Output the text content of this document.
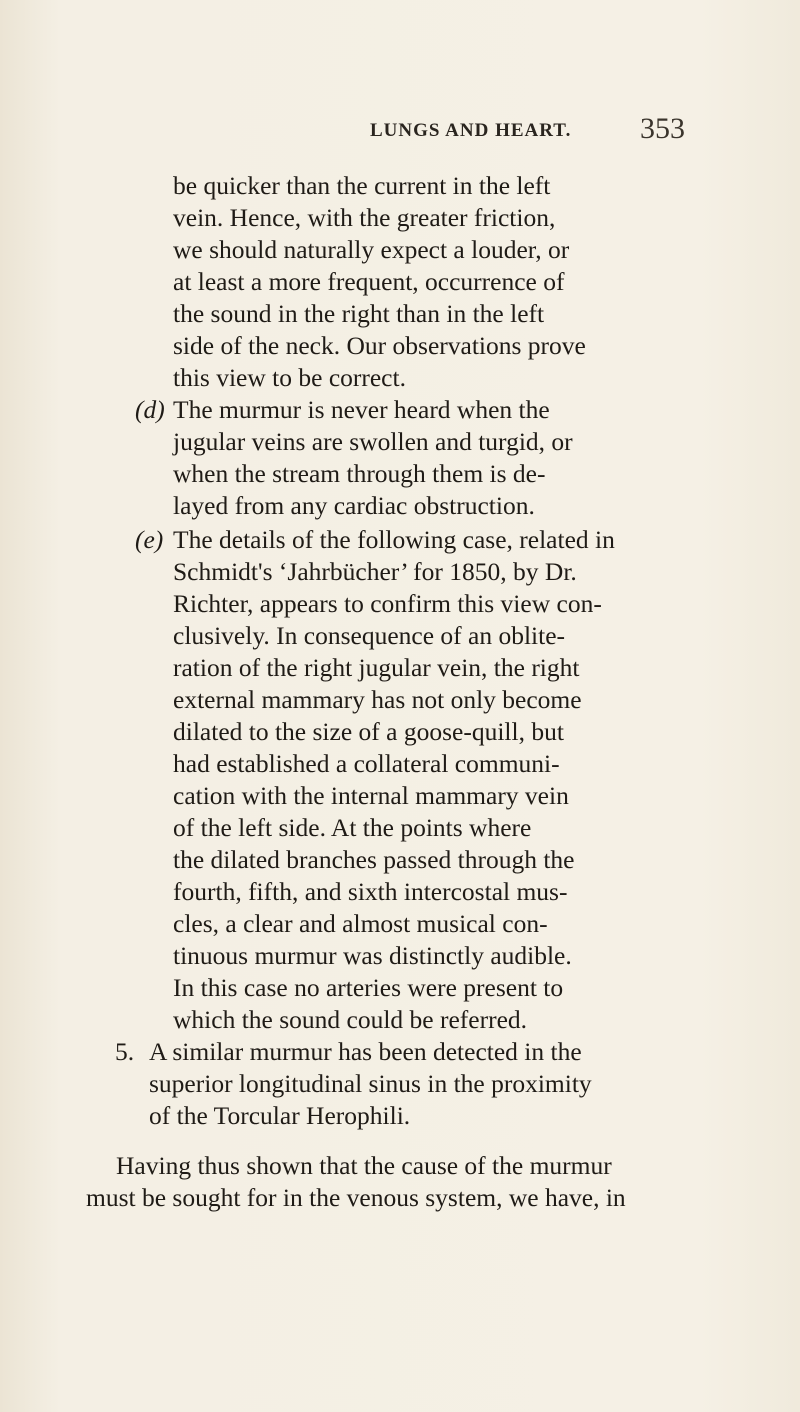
LUNGS AND HEART. 353
be quicker than the current in the left
vein. Hence, with the greater friction,
we should naturally expect a louder, or
at least a more frequent, occurrence of
the sound in the right than in the left
side of the neck. Our observations prove
this view to be correct.
(d) The murmur is never heard when the
jugular veins are swollen and turgid, or
when the stream through them is de-
layed from any cardiac obstruction.
(e) The details of the following case, related in
Schmidt's ‘Jahrbücher’ for 1850, by Dr.
Richter, appears to confirm this view con-
clusively. In consequence of an oblite-
ration of the right jugular vein, the right
external mammary has not only become
dilated to the size of a goose-quill, but
had established a collateral communi-
cation with the internal mammary vein
of the left side. At the points where
the dilated branches passed through the
fourth, fifth, and sixth intercostal mus-
cles, a clear and almost musical con-
tinuous murmur was distinctly audible.
In this case no arteries were present to
which the sound could be referred.
5. A similar murmur has been detected in the
superior longitudinal sinus in the proximity
of the Torcular Herophili.
Having thus shown that the cause of the murmur
must be sought for in the venous system, we have, in
